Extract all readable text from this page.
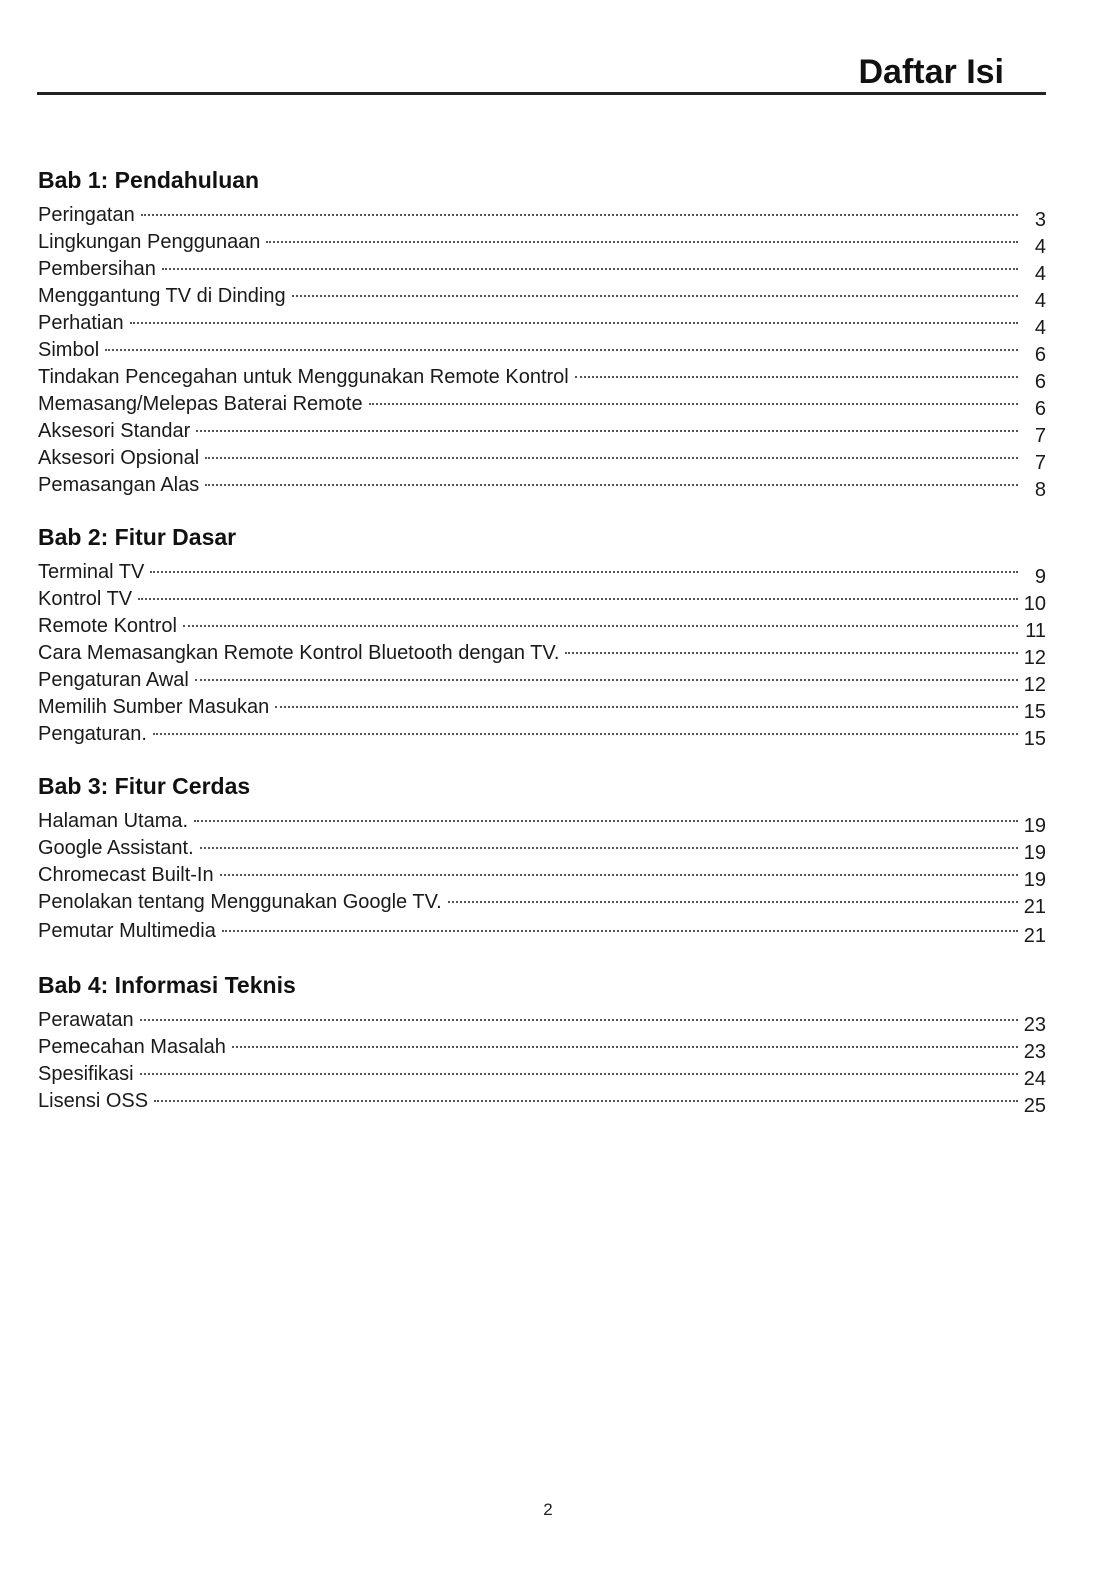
Daftar Isi
Bab 1: Pendahuluan
Peringatan	3
Lingkungan Penggunaan	4
Pembersihan	4
Menggantung TV di Dinding	4
Perhatian	4
Simbol	6
Tindakan Pencegahan untuk Menggunakan Remote Kontrol	6
Memasang/Melepas Baterai Remote	6
Aksesori Standar	7
Aksesori Opsional	7
Pemasangan Alas	8
Bab 2: Fitur Dasar
Terminal TV	9
Kontrol TV	10
Remote Kontrol	11
Cara Memasangkan Remote Kontrol Bluetooth dengan TV.	12
Pengaturan Awal	12
Memilih Sumber Masukan	15
Pengaturan.	15
Bab 3: Fitur Cerdas
Halaman Utama.	19
Google Assistant.	19
Chromecast Built-In	19
Penolakan tentang Menggunakan Google TV.	21
Pemutar Multimedia	21
Bab 4: Informasi Teknis
Perawatan	23
Pemecahan Masalah	23
Spesifikasi	24
Lisensi OSS	25
2
